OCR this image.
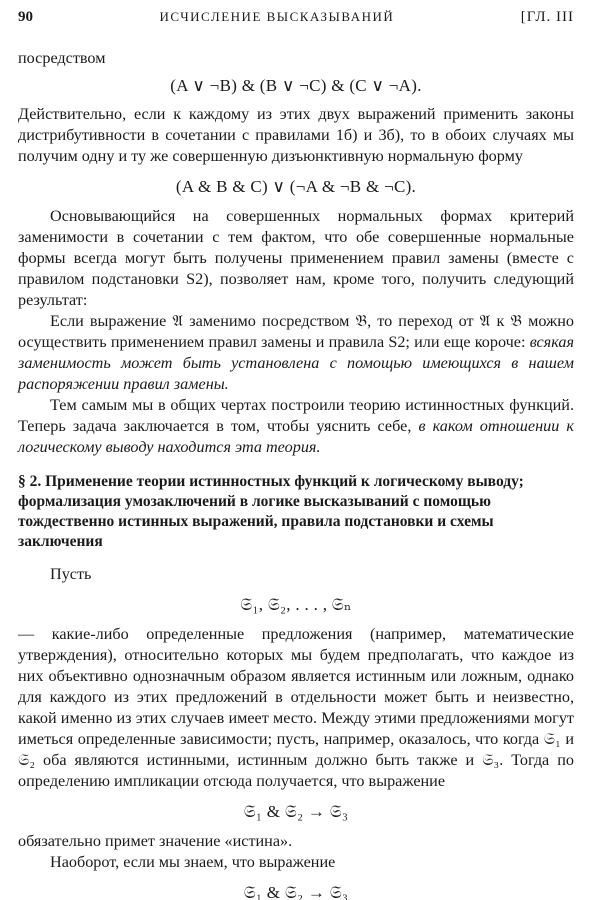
90	ИСЧИСЛЕНИЕ ВЫСКАЗЫВАНИЙ	[ГЛ. III

посредством

(A ∨ ¬B) & (B ∨ ¬C) & (C ∨ ¬A).

Действительно, если к каждому из этих двух выражений применить законы дистрибутивности в сочетании с правилами 1б) и 3б), то в обоих случаях мы получим одну и ту же совершенную дизъюнктивную нормальную форму

(A & B & C) ∨ (¬A & ¬B & ¬C).

Основывающийся на совершенных нормальных формах критерий заменимости в сочетании с тем фактом, что обе совершенные нормальные формы всегда могут быть получены применением правил замены (вместе с правилом подстановки S2), позволяет нам, кроме того, получить следующий результат:

Если выражение 𝔄 заменимо посредством 𝔅, то переход от 𝔄 к 𝔅 можно осуществить применением правил замены и правила S2; или еще короче: всякая заменимость может быть установлена с помощью имеющихся в нашем распоряжении правил замены.

Тем самым мы в общих чертах построили теорию истинностных функций. Теперь задача заключается в том, чтобы уяснить себе, в каком отношении к логическому выводу находится эта теория.

§ 2. Применение теории истинностных функций к логическому выводу; формализация умозаключений в логике высказываний с помощью тождественно истинных выражений, правила подстановки и схемы заключения

Пусть

𝔖₁, 𝔖₂, . . . , 𝔖ₙ

— какие-либо определенные предложения (например, математические утверждения), относительно которых мы будем предполагать, что каждое из них объективно однозначным образом является истинным или ложным, однако для каждого из этих предложений в отдельности может быть и неизвестно, какой именно из этих случаев имеет место. Между этими предложениями могут иметься определенные зависимости; пусть, например, оказалось, что когда 𝔖₁ и 𝔖₂ оба являются истинными, истинным должно быть также и 𝔖₃. Тогда по определению импликации отсюда получается, что выражение

𝔖₁ & 𝔖₂ → 𝔖₃

обязательно примет значение «истина».

Наоборот, если мы знаем, что выражение

𝔖₁ & 𝔖₂ → 𝔖₃
